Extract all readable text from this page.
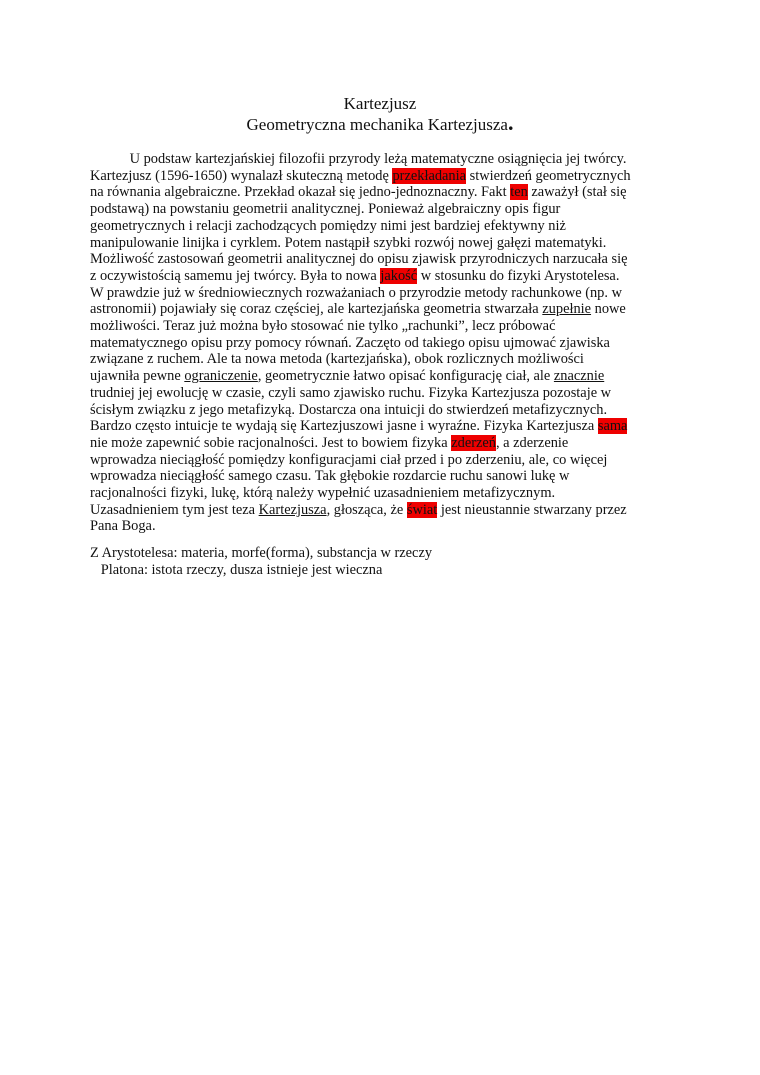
Kartezjusz
Geometryczna mechanika Kartezjusza.
U podstaw kartezjańskiej filozofii przyrody leżą matematyczne osiągnięcia jej twórcy.
Kartezjusz (1596-1650) wynalazł skuteczną metodę przekładania stwierdzeń geometrycznych
na równania algebraiczne. Przekład okazał się jedno-jednoznaczny. Fakt ten zaważył (stał się
podstawą) na powstaniu geometrii analitycznej. Ponieważ algebraiczny opis figur
geometrycznych i relacji zachodzących pomiędzy nimi jest bardziej efektywny niż
manipulowanie linijka i cyrklem. Potem nastąpił szybki rozwój nowej gałęzi matematyki.
Możliwość zastosowań geometrii analitycznej do opisu zjawisk przyrodniczych narzucała się
z oczywistością samemu jej twórcy. Była to nowa jakość w stosunku do fizyki Arystotelesa.
W prawdzie już w średniowiecznych rozważaniach o przyrodzie metody rachunkowe (np. w
astronomii) pojawiały się coraz częściej, ale kartezjańska geometria stwarzała zupełnie nowe
możliwości. Teraz już można było stosować nie tylko „rachunki”, lecz próbować
matematycznego opisu przy pomocy równań. Zaczęto od takiego opisu ujmować zjawiska
związane z ruchem. Ale ta nowa metoda (kartezjańska), obok rozlicznych możliwości
ujawniła pewne ograniczenie, geometrycznie łatwo opisać konfigurację ciał, ale znacznie
trudniej jej ewolucję w czasie, czyli samo zjawisko ruchu. Fizyka Kartezjusza pozostaje w
ścisłym związku z jego metafizyką. Dostarcza ona intuicji do stwierdzeń metafizycznych.
Bardzo często intuicje te wydają się Kartezjuszowi jasne i wyraźne. Fizyka Kartezjusza sama
nie może zapewnić sobie racjonalności. Jest to bowiem fizyka zderzeń, a zderzenie
wprowadza nieciągłość pomiędzy konfiguracjami ciał przed i po zderzeniu, ale, co więcej
wprowadza nieciągłość samego czasu. Tak głębokie rozdarcie ruchu sanowi lukę w
racjonalności fizyki, lukę, którą należy wypełnić uzasadnieniem metafizycznym.
Uzasadnieniem tym jest teza Kartezjusza, głosząca, że świat jest nieustannie stwarzany przez
Pana Boga.
Z Arystotelesa: materia, morfe(forma), substancja w rzeczy
Platona: istota rzeczy, dusza istnieje jest wieczna
